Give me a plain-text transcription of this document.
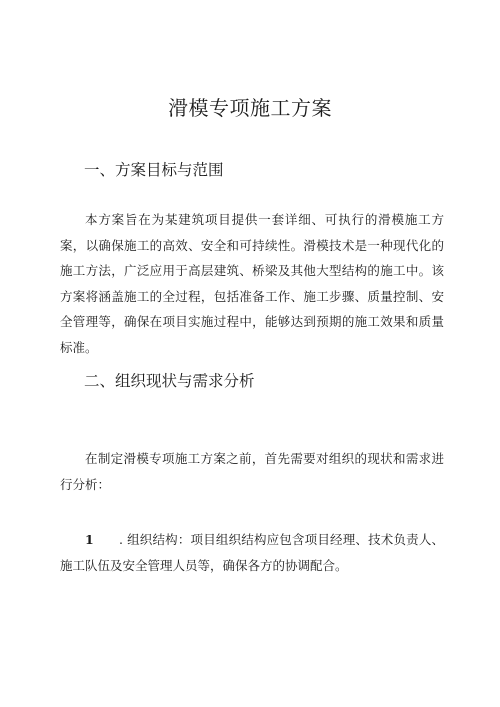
滑模专项施工方案
一、方案目标与范围

本方案旨在为某建筑项目提供一套详细、可执行的滑模施工方案，以确保施工的高效、安全和可持续性。滑模技术是一种现代化的施工方法，广泛应用于高层建筑、桥梁及其他大型结构的施工中。该方案将涵盖施工的全过程，包括准备工作、施工步骤、质量控制、安全管理等，确保在项目实施过程中，能够达到预期的施工效果和质量标准。

二、组织现状与需求分析

在制定滑模专项施工方案之前，首先需要对组织的现状和需求进行分析：

1 . 组织结构：项目组织结构应包含项目经理、技术负责人、施工队伍及安全管理人员等，确保各方的协调配合。
